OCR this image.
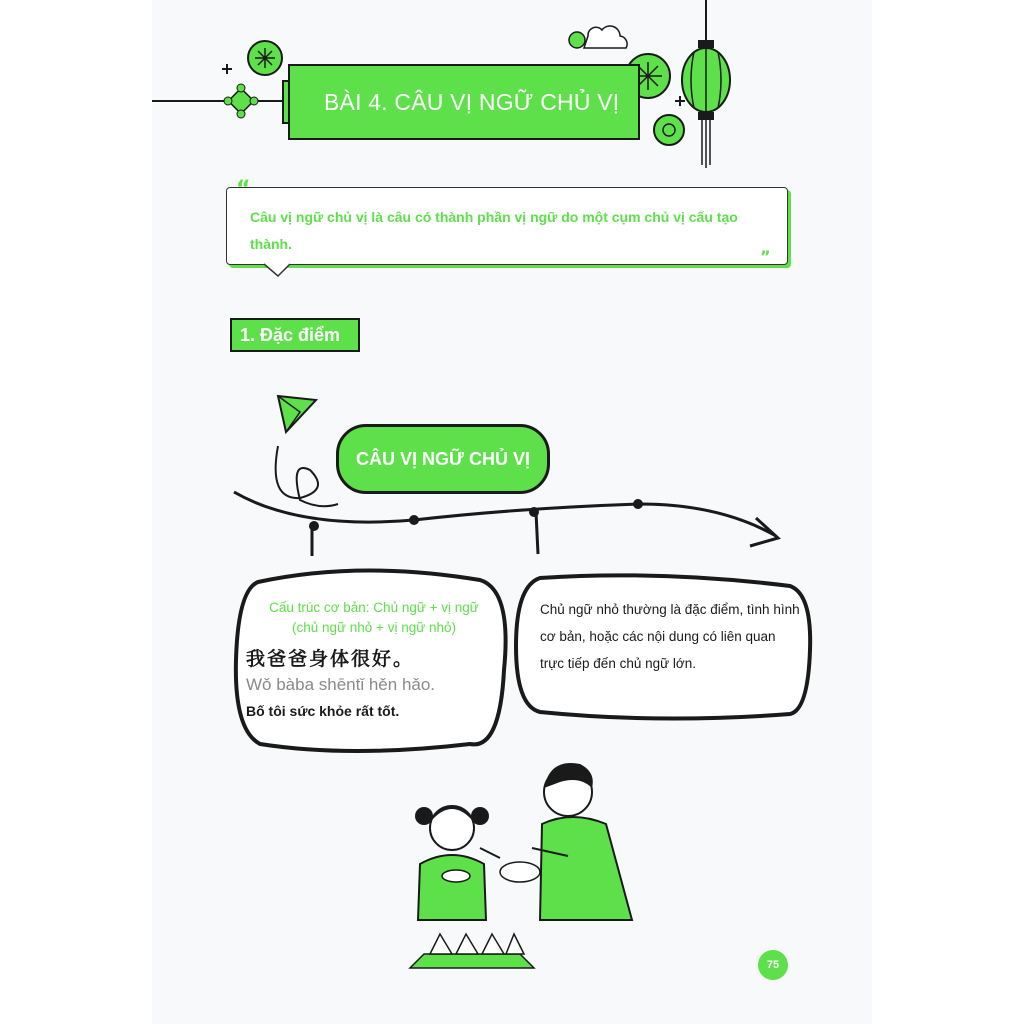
BÀI 4. CÂU VỊ NGỮ CHỦ VỊ
“
”
Câu vị ngữ chủ vị là câu có thành phần vị ngữ do một cụm chủ vị cấu tạo thành.
1. Đặc điểm
CÂU VỊ NGỮ CHỦ VỊ
Cấu trúc cơ bản: Chủ ngữ + vị ngữ
(chủ ngữ nhỏ + vị ngữ nhỏ)
我爸爸身体很好。
Wǒ bàba shēntǐ hěn hǎo.
Bố tôi sức khỏe rất tốt.
Chủ ngữ nhỏ thường là đặc điểm, tình hình cơ bản, hoặc các nội dung có liên quan trực tiếp đến chủ ngữ lớn.
75
